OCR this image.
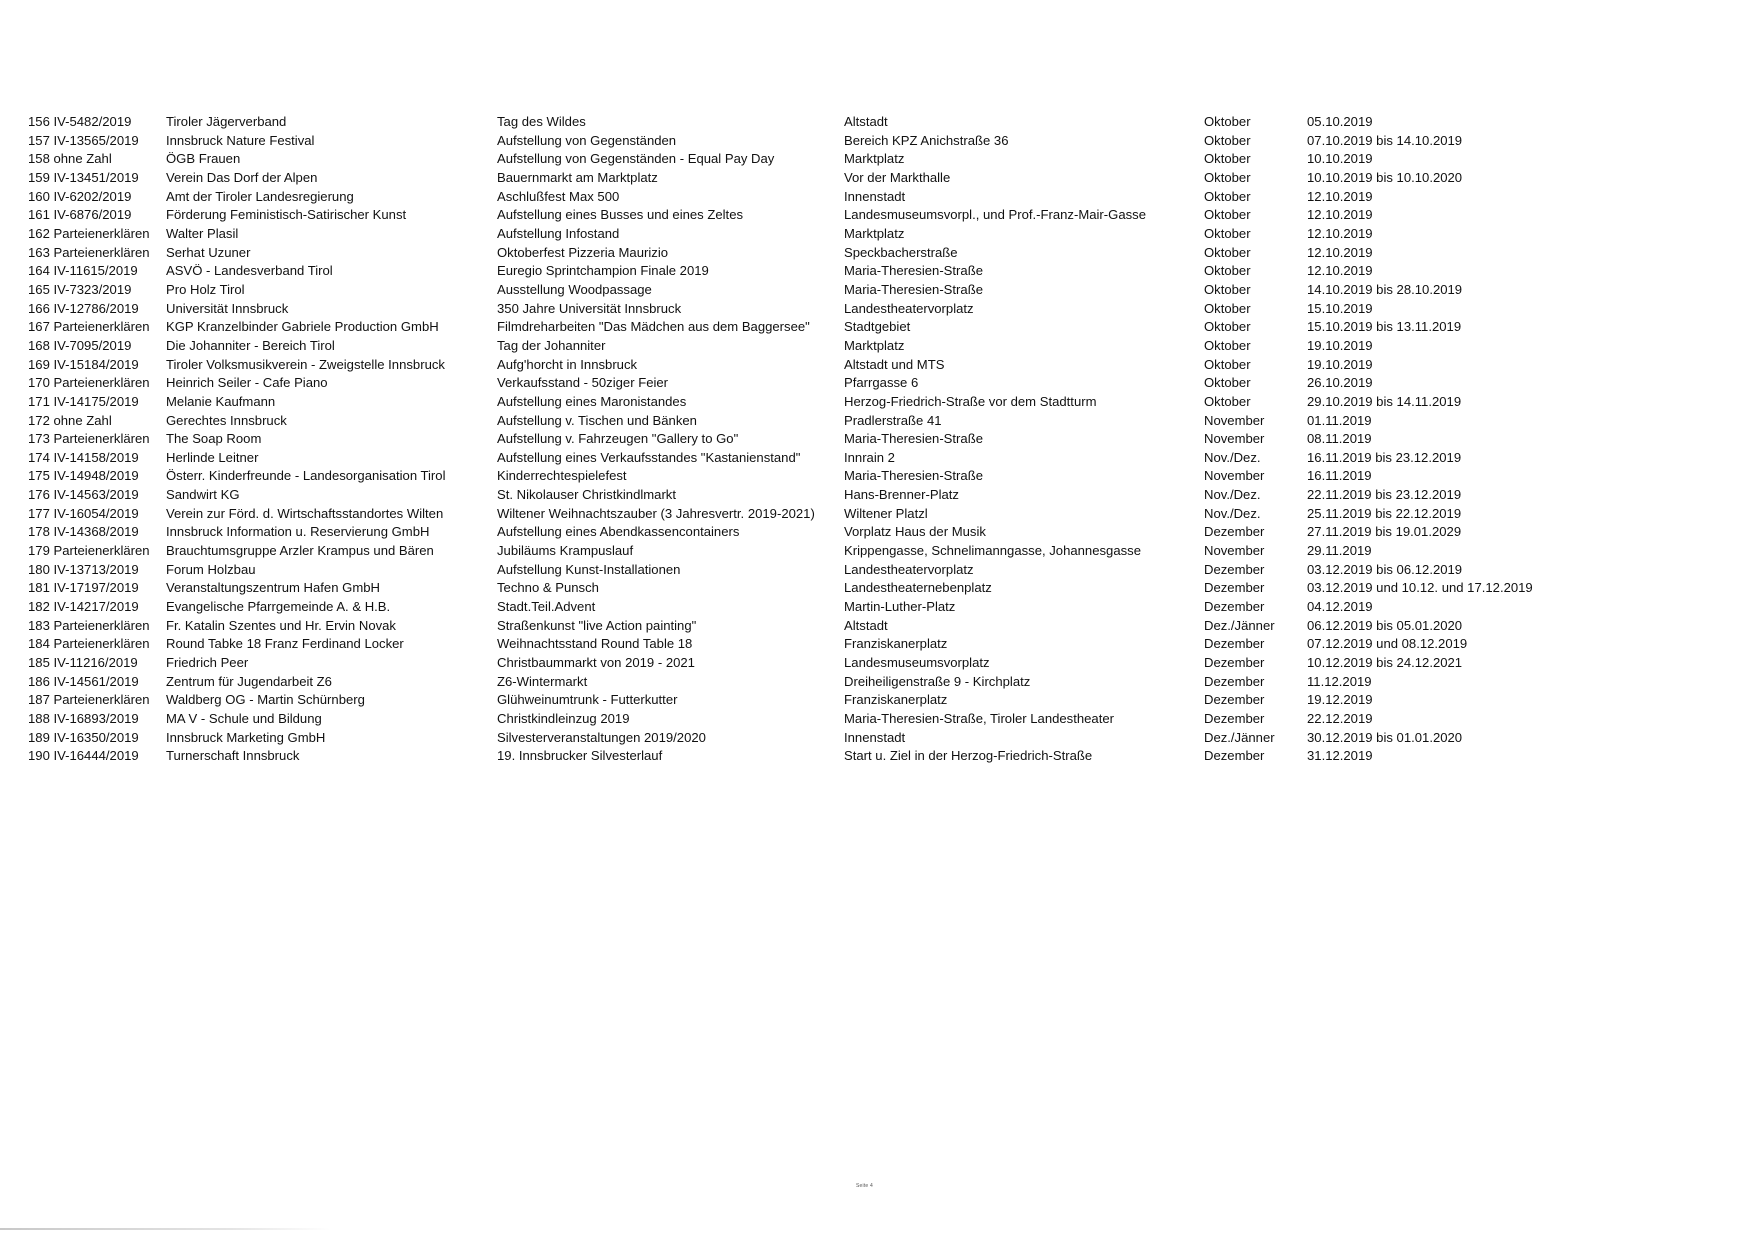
156 IV-5482/2019	Tiroler Jägerverband	Tag des Wildes	Altstadt	Oktober	05.10.2019
157 IV-13565/2019	Innsbruck Nature Festival	Aufstellung von Gegenständen	Bereich KPZ Anichstraße 36	Oktober	07.10.2019 bis 14.10.2019
158 ohne Zahl	ÖGB Frauen	Aufstellung von Gegenständen - Equal Pay Day	Marktplatz	Oktober	10.10.2019
159 IV-13451/2019	Verein Das Dorf der Alpen	Bauernmarkt am Marktplatz	Vor der Markthalle	Oktober	10.10.2019 bis 10.10.2020
160 IV-6202/2019	Amt der Tiroler Landesregierung	Aschlußfest Max 500	Innenstadt	Oktober	12.10.2019
161 IV-6876/2019	Förderung Feministisch-Satirischer Kunst	Aufstellung eines Busses und eines Zeltes	Landesmuseumsvorpl., und Prof.-Franz-Mair-Gasse	Oktober	12.10.2019
162 Parteienerklären	Walter Plasil	Aufstellung Infostand	Marktplatz	Oktober	12.10.2019
163 Parteienerklären	Serhat Uzuner	Oktoberfest Pizzeria Maurizio	Speckbacherstraße	Oktober	12.10.2019
164 IV-11615/2019	ASVÖ - Landesverband Tirol	Euregio Sprintchampion Finale 2019	Maria-Theresien-Straße	Oktober	12.10.2019
165 IV-7323/2019	Pro Holz Tirol	Ausstellung Woodpassage	Maria-Theresien-Straße	Oktober	14.10.2019 bis 28.10.2019
166 IV-12786/2019	Universität Innsbruck	350 Jahre Universität Innsbruck	Landestheatervorplatz	Oktober	15.10.2019
167 Parteienerklären	KGP Kranzelbinder Gabriele Production GmbH	Filmdreharbeiten "Das Mädchen aus dem Baggersee"	Stadtgebiet	Oktober	15.10.2019 bis 13.11.2019
168 IV-7095/2019	Die Johanniter - Bereich Tirol	Tag der Johanniter	Marktplatz	Oktober	19.10.2019
169 IV-15184/2019	Tiroler Volksmusikverein - Zweigstelle Innsbruck	Aufg'horcht in Innsbruck	Altstadt und MTS	Oktober	19.10.2019
170 Parteienerklären	Heinrich Seiler - Cafe Piano	Verkaufsstand - 50ziger Feier	Pfarrgasse 6	Oktober	26.10.2019
171 IV-14175/2019	Melanie Kaufmann	Aufstellung eines Maronistandes	Herzog-Friedrich-Straße vor dem Stadtturm	Oktober	29.10.2019 bis 14.11.2019
172 ohne Zahl	Gerechtes Innsbruck	Aufstellung v. Tischen und Bänken	Pradlerstraße 41	November	01.11.2019
173 Parteienerklären	The Soap Room	Aufstellung v. Fahrzeugen "Gallery to Go"	Maria-Theresien-Straße	November	08.11.2019
174 IV-14158/2019	Herlinde Leitner	Aufstellung eines Verkaufsstandes "Kastanienstand"	Innrain 2	Nov./Dez.	16.11.2019 bis 23.12.2019
175 IV-14948/2019	Österr. Kinderfreunde - Landesorganisation Tirol	Kinderrechtespielefest	Maria-Theresien-Straße	November	16.11.2019
176 IV-14563/2019	Sandwirt KG	St. Nikolauser Christkindlmarkt	Hans-Brenner-Platz	Nov./Dez.	22.11.2019 bis 23.12.2019
177 IV-16054/2019	Verein zur Förd. d. Wirtschaftsstandortes Wilten	Wiltener Weihnachtszauber (3 Jahresvertr. 2019-2021)	Wiltener Platzl	Nov./Dez.	25.11.2019 bis 22.12.2019
178 IV-14368/2019	Innsbruck Information u. Reservierung GmbH	Aufstellung eines Abendkassencontainers	Vorplatz Haus der Musik	Dezember	27.11.2019 bis 19.01.2029
179 Parteienerklären	Brauchtumsgruppe Arzler Krampus und Bären	Jubiläums Krampuslauf	Krippengasse, Schnelimanngasse, Johannesgasse	November	29.11.2019
180 IV-13713/2019	Forum Holzbau	Aufstellung Kunst-Installationen	Landestheatervorplatz	Dezember	03.12.2019 bis 06.12.2019
181 IV-17197/2019	Veranstaltungszentrum Hafen GmbH	Techno & Punsch	Landestheaternebenplatz	Dezember	03.12.2019 und 10.12. und 17.12.2019
182 IV-14217/2019	Evangelische Pfarrgemeinde A. & H.B.	Stadt.Teil.Advent	Martin-Luther-Platz	Dezember	04.12.2019
183 Parteienerklären	Fr. Katalin Szentes und Hr. Ervin Novak	Straßenkunst "live Action painting"	Altstadt	Dez./Jänner	06.12.2019 bis 05.01.2020
184 Parteienerklären	Round Tabke 18 Franz Ferdinand Locker	Weihnachtsstand Round Table 18	Franziskanerplatz	Dezember	07.12.2019 und 08.12.2019
185 IV-11216/2019	Friedrich Peer	Christbaummarkt von 2019 - 2021	Landesmuseumsvorplatz	Dezember	10.12.2019 bis 24.12.2021
186 IV-14561/2019	Zentrum für Jugendarbeit Z6	Z6-Wintermarkt	Dreiheiligenstraße 9 - Kirchplatz	Dezember	11.12.2019
187 Parteienerklären	Waldberg OG - Martin Schürnberg	Glühweinumtrunk - Futterkutter	Franziskanerplatz	Dezember	19.12.2019
188 IV-16893/2019	MA V - Schule und Bildung	Christkindleinzug 2019	Maria-Theresien-Straße, Tiroler Landestheater	Dezember	22.12.2019
189 IV-16350/2019	Innsbruck Marketing GmbH	Silvesterveranstaltungen 2019/2020	Innenstadt	Dez./Jänner	30.12.2019 bis 01.01.2020
190 IV-16444/2019	Turnerschaft Innsbruck	19. Innsbrucker Silvesterlauf	Start u. Ziel in der Herzog-Friedrich-Straße	Dezember	31.12.2019
Seite 4
